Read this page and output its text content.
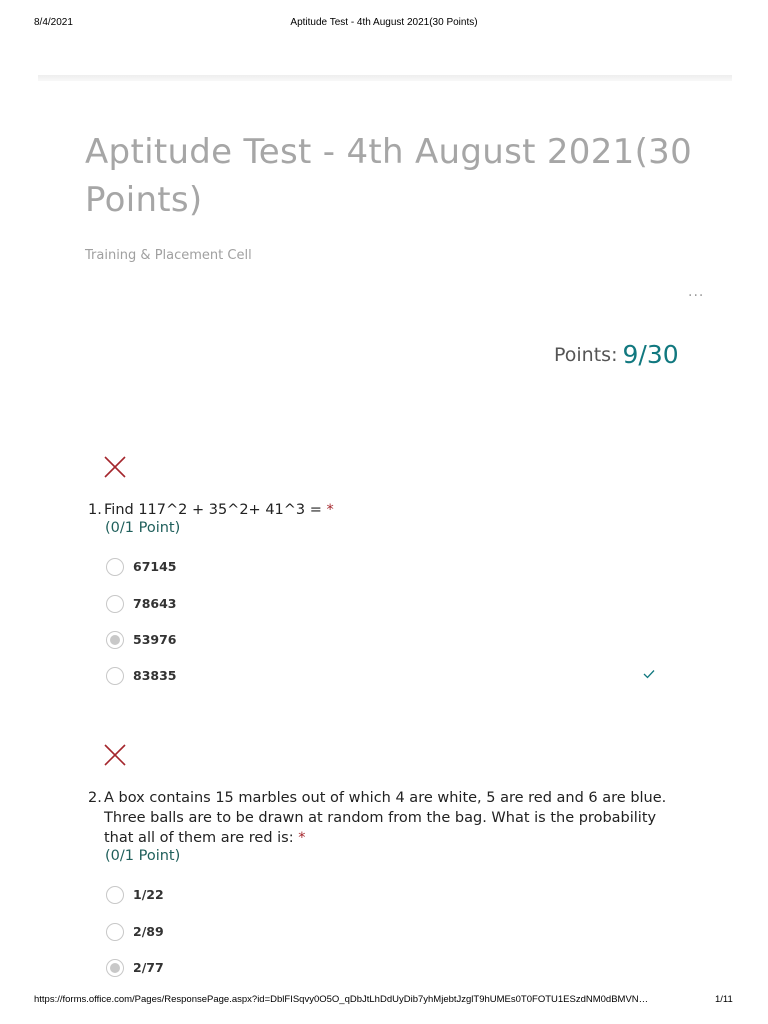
8/4/2021	Aptitude Test - 4th August 2021(30 Points)
Aptitude Test - 4th August 2021(30 Points)
Training & Placement Cell
...
Points: 9/30
1. Find 117^2 + 35^2+ 41^3 = *
(0/1 Point)
67145
78643
53976
83835
2. A box contains 15 marbles out of which 4 are white, 5 are red and 6 are blue.
Three balls are to be drawn at random from the bag. What is the probability
that all of them are red is: *
(0/1 Point)
1/22
2/89
2/77
https://forms.office.com/Pages/ResponsePage.aspx?id=DblFISqvy0O5O_qDbJtLhDdUyDib7yhMjebtJzglT9hUMEs0T0FOTU1ESzdNM0dBMVN…	1/11
